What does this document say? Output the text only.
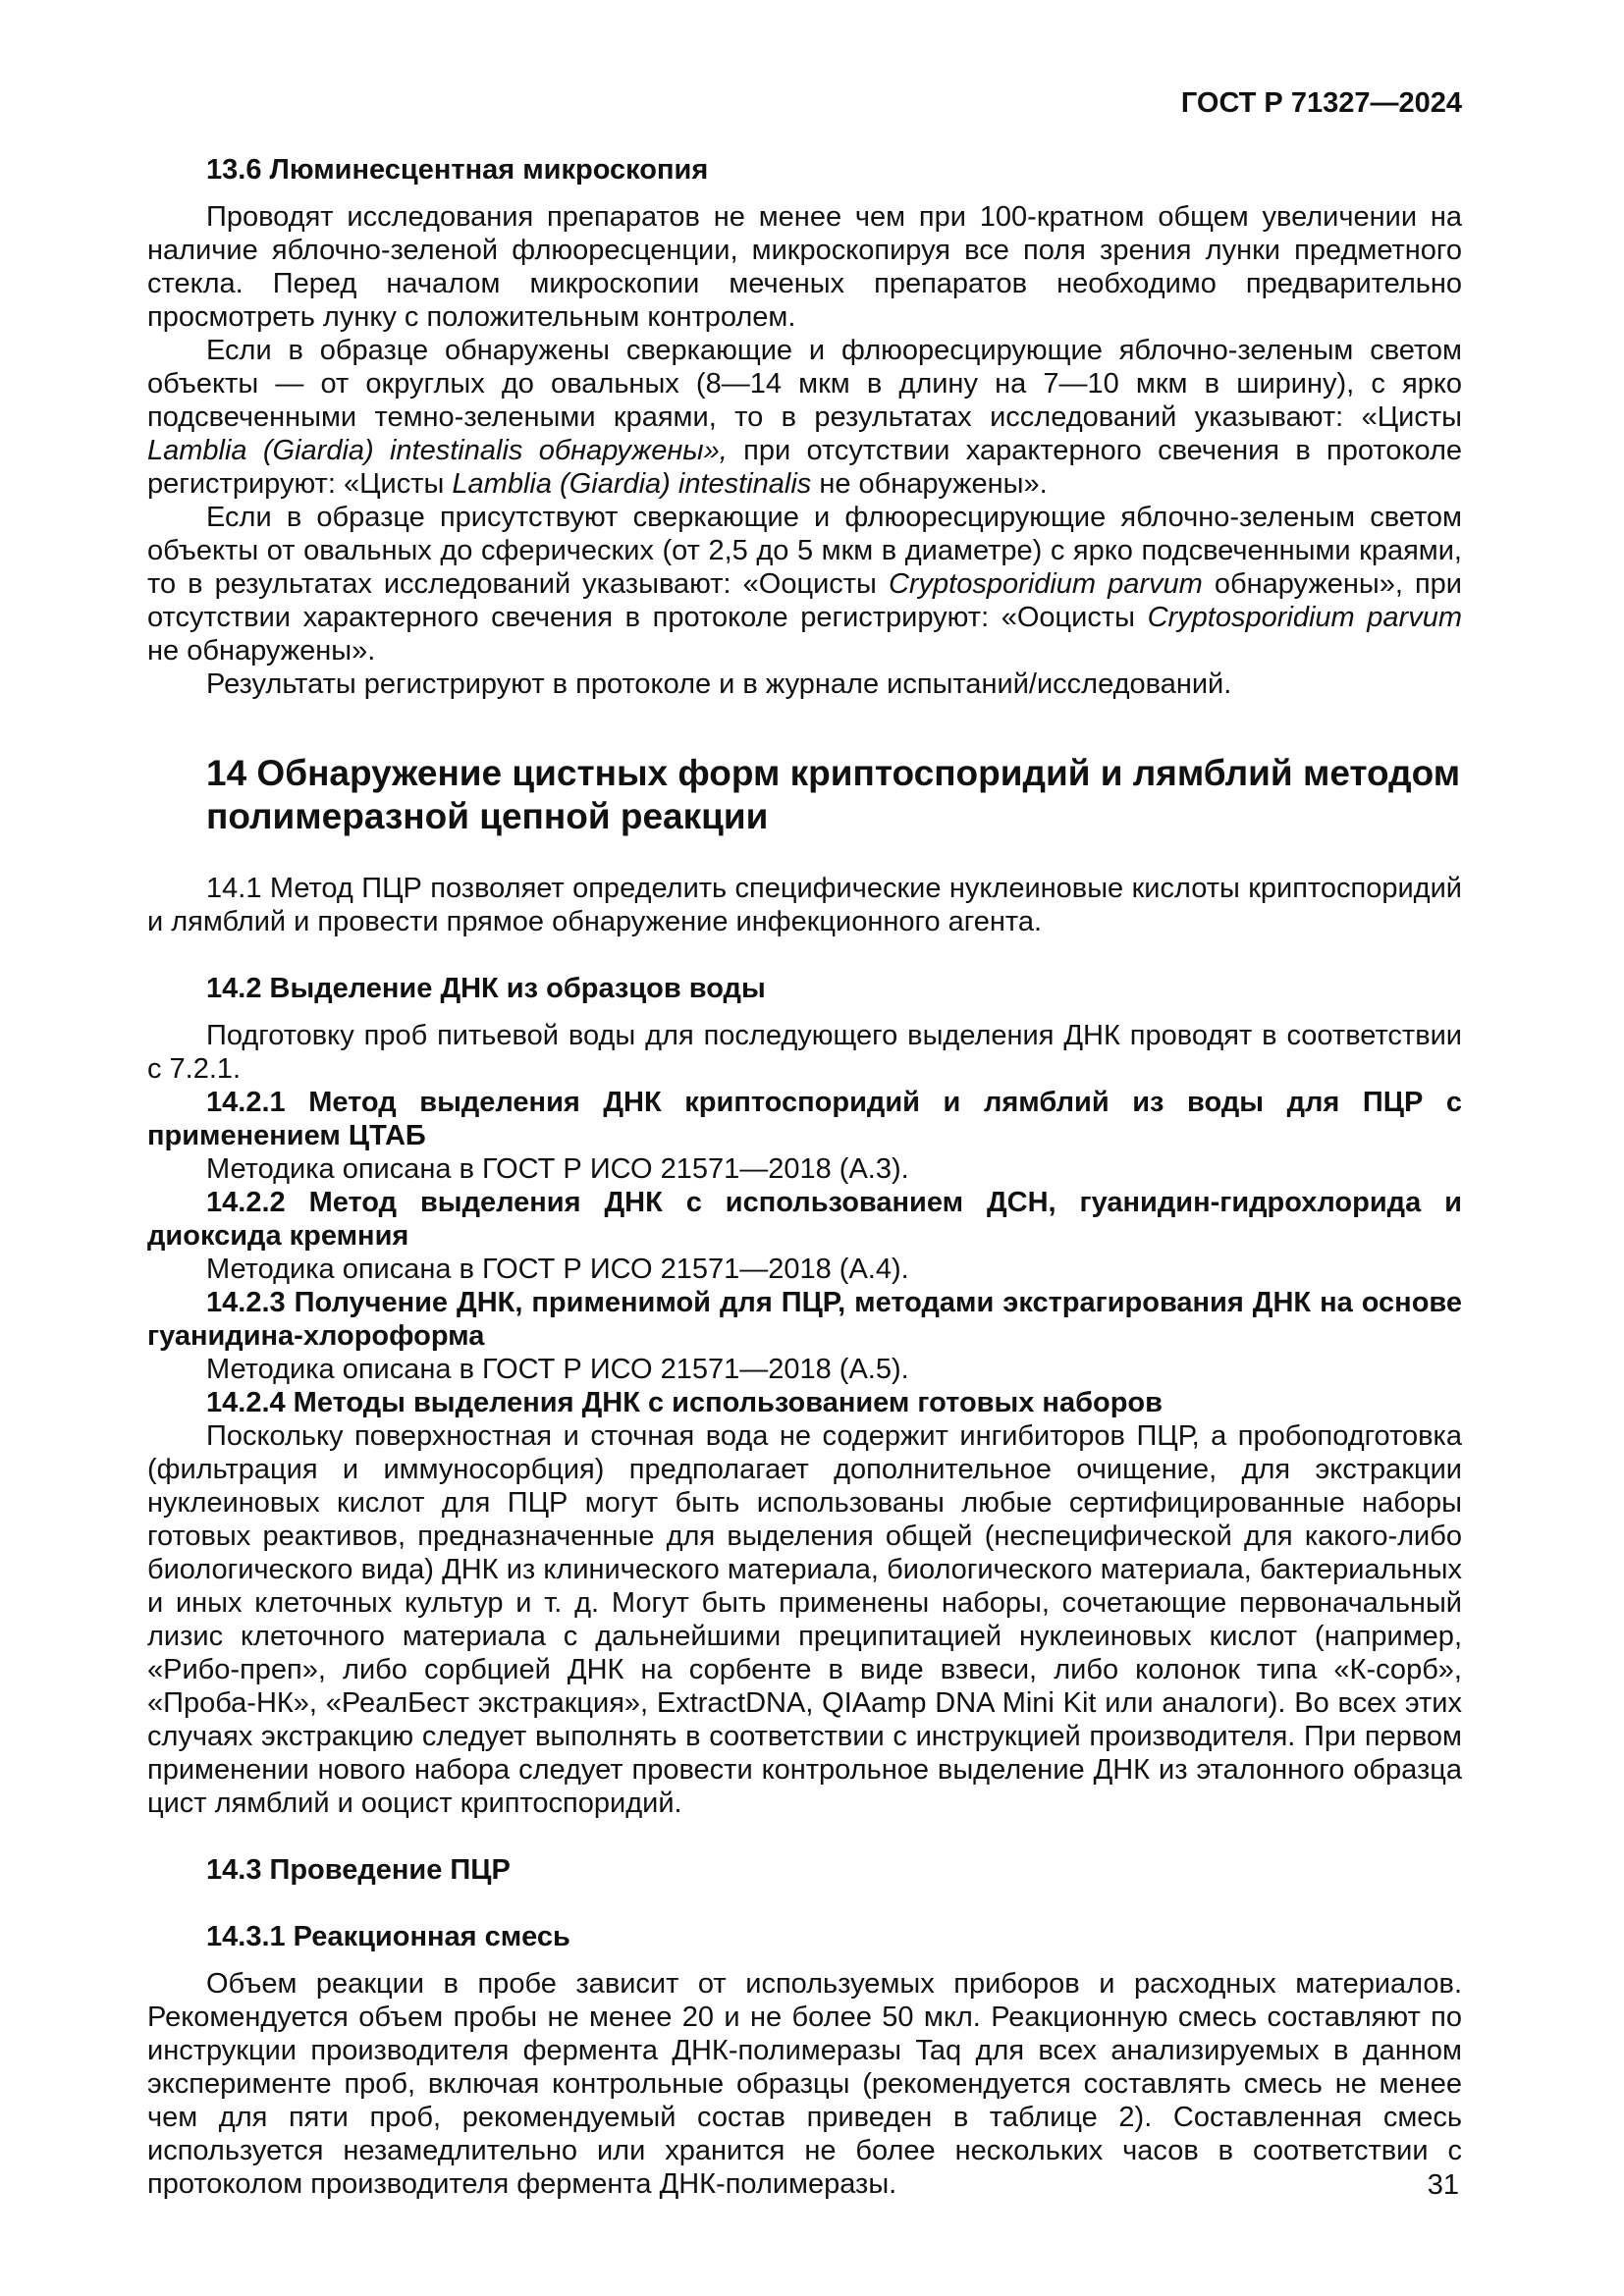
ГОСТ Р 71327—2024
13.6 Люминесцентная микроскопия
Проводят исследования препаратов не менее чем при 100-кратном общем увеличении на наличие яблочно-зеленой флюоресценции, микроскопируя все поля зрения лунки предметного стекла. Перед началом микроскопии меченых препаратов необходимо предварительно просмотреть лунку с положительным контролем.
Если в образце обнаружены сверкающие и флюоресцирующие яблочно-зеленым светом объекты — от округлых до овальных (8—14 мкм в длину на 7—10 мкм в ширину), с ярко подсвеченными темно-зелеными краями, то в результатах исследований указывают: «Цисты Lamblia (Giardia) intestinalis обнаружены», при отсутствии характерного свечения в протоколе регистрируют: «Цисты Lamblia (Giardia) intestinalis не обнаружены».
Если в образце присутствуют сверкающие и флюоресцирующие яблочно-зеленым светом объекты от овальных до сферических (от 2,5 до 5 мкм в диаметре) с ярко подсвеченными краями, то в результатах исследований указывают: «Ооцисты Cryptosporidium parvum обнаружены», при отсутствии характерного свечения в протоколе регистрируют: «Ооцисты Cryptosporidium parvum не обнаружены».
Результаты регистрируют в протоколе и в журнале испытаний/исследований.
14 Обнаружение цистных форм криптоспоридий и лямблий методом полимеразной цепной реакции
14.1 Метод ПЦР позволяет определить специфические нуклеиновые кислоты криптоспоридий и лямблий и провести прямое обнаружение инфекционного агента.
14.2 Выделение ДНК из образцов воды
Подготовку проб питьевой воды для последующего выделения ДНК проводят в соответствии с 7.2.1.
14.2.1 Метод выделения ДНК криптоспоридий и лямблий из воды для ПЦР с применением ЦТАБ
Методика описана в ГОСТ Р ИСО 21571—2018 (А.3).
14.2.2 Метод выделения ДНК с использованием ДСН, гуанидин-гидрохлорида и диоксида кремния
Методика описана в ГОСТ Р ИСО 21571—2018 (А.4).
14.2.3 Получение ДНК, применимой для ПЦР, методами экстрагирования ДНК на основе гуанидина-хлороформа
Методика описана в ГОСТ Р ИСО 21571—2018 (А.5).
14.2.4 Методы выделения ДНК с использованием готовых наборов
Поскольку поверхностная и сточная вода не содержит ингибиторов ПЦР, а пробоподготовка (фильтрация и иммуносорбция) предполагает дополнительное очищение, для экстракции нуклеиновых кислот для ПЦР могут быть использованы любые сертифицированные наборы готовых реактивов, предназначенные для выделения общей (неспецифической для какого-либо биологического вида) ДНК из клинического материала, биологического материала, бактериальных и иных клеточных культур и т. д. Могут быть применены наборы, сочетающие первоначальный лизис клеточного материала с дальнейшими преципитацией нуклеиновых кислот (например, «Рибо-преп», либо сорбцией ДНК на сорбенте в виде взвеси, либо колонок типа «К-сорб», «Проба-НК», «РеалБест экстракция», ExtractDNA, QIAamp DNA Mini Kit или аналоги). Во всех этих случаях экстракцию следует выполнять в соответствии с инструкцией производителя. При первом применении нового набора следует провести контрольное выделение ДНК из эталонного образца цист лямблий и ооцист криптоспоридий.
14.3 Проведение ПЦР
14.3.1 Реакционная смесь
Объем реакции в пробе зависит от используемых приборов и расходных материалов. Рекомендуется объем пробы не менее 20 и не более 50 мкл. Реакционную смесь составляют по инструкции производителя фермента ДНК-полимеразы Taq для всех анализируемых в данном эксперименте проб, включая контрольные образцы (рекомендуется составлять смесь не менее чем для пяти проб, рекомендуемый состав приведен в таблице 2). Составленная смесь используется незамедлительно или хранится не более нескольких часов в соответствии с протоколом производителя фермента ДНК-полимеразы.	31
